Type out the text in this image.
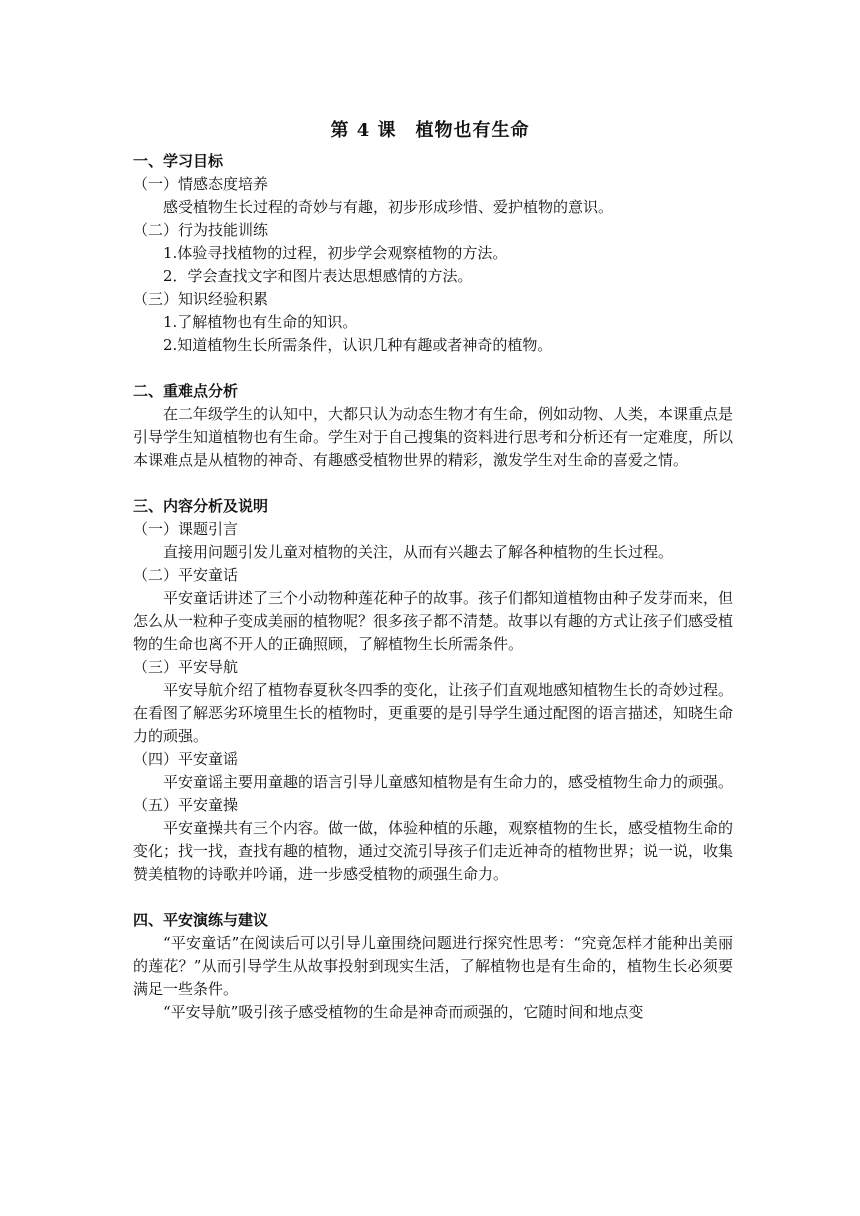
第 4 课　植物也有生命

一、学习目标

（一）情感态度培养

感受植物生长过程的奇妙与有趣，初步形成珍惜、爱护植物的意识。

（二）行为技能训练

1.体验寻找植物的过程，初步学会观察植物的方法。

2．学会查找文字和图片表达思想感情的方法。

（三）知识经验积累

1.了解植物也有生命的知识。

2.知道植物生长所需条件，认识几种有趣或者神奇的植物。

二、重难点分析

在二年级学生的认知中，大都只认为动态生物才有生命，例如动物、人类，本课重点是引导学生知道植物也有生命。学生对于自己搜集的资料进行思考和分析还有一定难度，所以本课难点是从植物的神奇、有趣感受植物世界的精彩，激发学生对生命的喜爱之情。

三、内容分析及说明

（一）课题引言

直接用问题引发儿童对植物的关注，从而有兴趣去了解各种植物的生长过程。

（二）平安童话

平安童话讲述了三个小动物种莲花种子的故事。孩子们都知道植物由种子发芽而来，但怎么从一粒种子变成美丽的植物呢？很多孩子都不清楚。故事以有趣的方式让孩子们感受植物的生命也离不开人的正确照顾，了解植物生长所需条件。

（三）平安导航

平安导航介绍了植物春夏秋冬四季的变化，让孩子们直观地感知植物生长的奇妙过程。在看图了解恶劣环境里生长的植物时，更重要的是引导学生通过配图的语言描述，知晓生命力的顽强。

（四）平安童谣

平安童谣主要用童趣的语言引导儿童感知植物是有生命力的，感受植物生命力的顽强。

（五）平安童操

平安童操共有三个内容。做一做，体验种植的乐趣，观察植物的生长，感受植物生命的变化；找一找，查找有趣的植物，通过交流引导孩子们走近神奇的植物世界；说一说，收集赞美植物的诗歌并吟诵，进一步感受植物的顽强生命力。

四、平安演练与建议

“平安童话”在阅读后可以引导儿童围绕问题进行探究性思考：“究竟怎样才能种出美丽的莲花？”从而引导学生从故事投射到现实生活，了解植物也是有生命的，植物生长必须要满足一些条件。

“平安导航”吸引孩子感受植物的生命是神奇而顽强的，它随时间和地点变
